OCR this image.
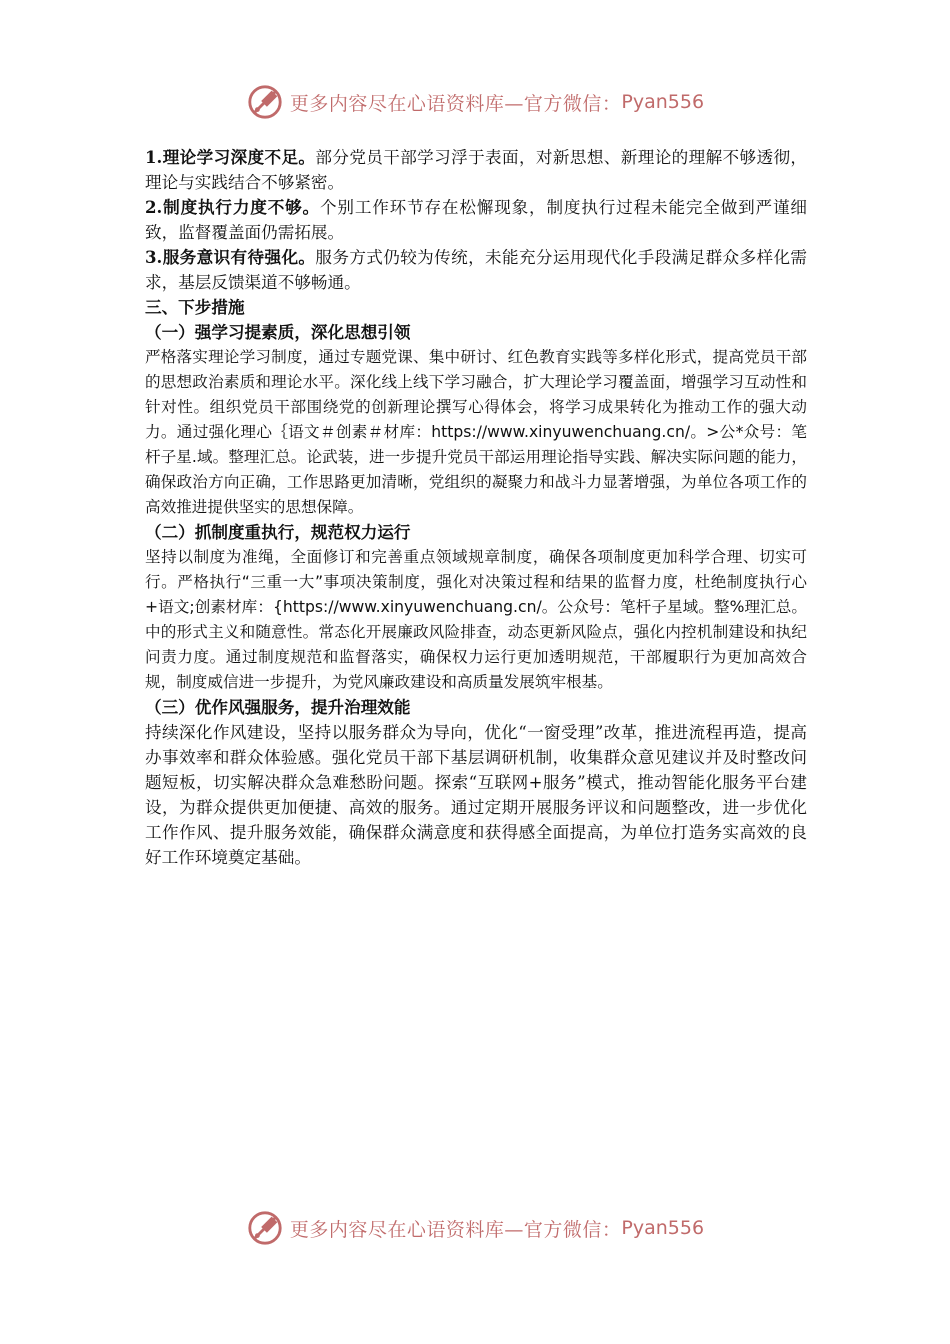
更多内容尽在心语资料库—官方微信： Pyan556

1.理论学习深度不足。部分党员干部学习浮于表面，对新思想、新理论的理解不够透彻，理论与实践结合不够紧密。

2.制度执行力度不够。个别工作环节存在松懈现象，制度执行过程未能完全做到严谨细致，监督覆盖面仍需拓展。

3.服务意识有待强化。服务方式仍较为传统，未能充分运用现代化手段满足群众多样化需求，基层反馈渠道不够畅通。

三、下步措施

（一）强学习提素质，深化思想引领

严格落实理论学习制度，通过专题党课、集中研讨、红色教育实践等多样化形式，提高党员干部的思想政治素质和理论水平。深化线上线下学习融合，扩大理论学习覆盖面，增强学习互动性和针对性。组织党员干部围绕党的创新理论撰写心得体会，将学习成果转化为推动工作的强大动力。通过强化理心｛语文＃创素＃材库：https://www.xinyuwenchuang.cn/。>公*众号：笔杆子星.域。整理汇总。论武装，进一步提升党员干部运用理论指导实践、解决实际问题的能力，确保政治方向正确，工作思路更加清晰，党组织的凝聚力和战斗力显著增强，为单位各项工作的高效推进提供坚实的思想保障。

（二）抓制度重执行，规范权力运行

坚持以制度为准绳，全面修订和完善重点领域规章制度，确保各项制度更加科学合理、切实可行。严格执行“三重一大”事项决策制度，强化对决策过程和结果的监督力度，杜绝制度执行心+语文;创素材库：{https://www.xinyuwenchuang.cn/。公众号：笔杆子星域。整%理汇总。中的形式主义和随意性。常态化开展廉政风险排查，动态更新风险点，强化内控机制建设和执纪问责力度。通过制度规范和监督落实，确保权力运行更加透明规范，干部履职行为更加高效合规，制度威信进一步提升，为党风廉政建设和高质量发展筑牢根基。

（三）优作风强服务，提升治理效能

持续深化作风建设，坚持以服务群众为导向，优化“一窗受理”改革，推进流程再造，提高办事效率和群众体验感。强化党员干部下基层调研机制，收集群众意见建议并及时整改问题短板，切实解决群众急难愁盼问题。探索“互联网+服务”模式，推动智能化服务平台建设，为群众提供更加便捷、高效的服务。通过定期开展服务评议和问题整改，进一步优化工作作风、提升服务效能，确保群众满意度和获得感全面提高，为单位打造务实高效的良好工作环境奠定基础。

更多内容尽在心语资料库—官方微信： Pyan556
